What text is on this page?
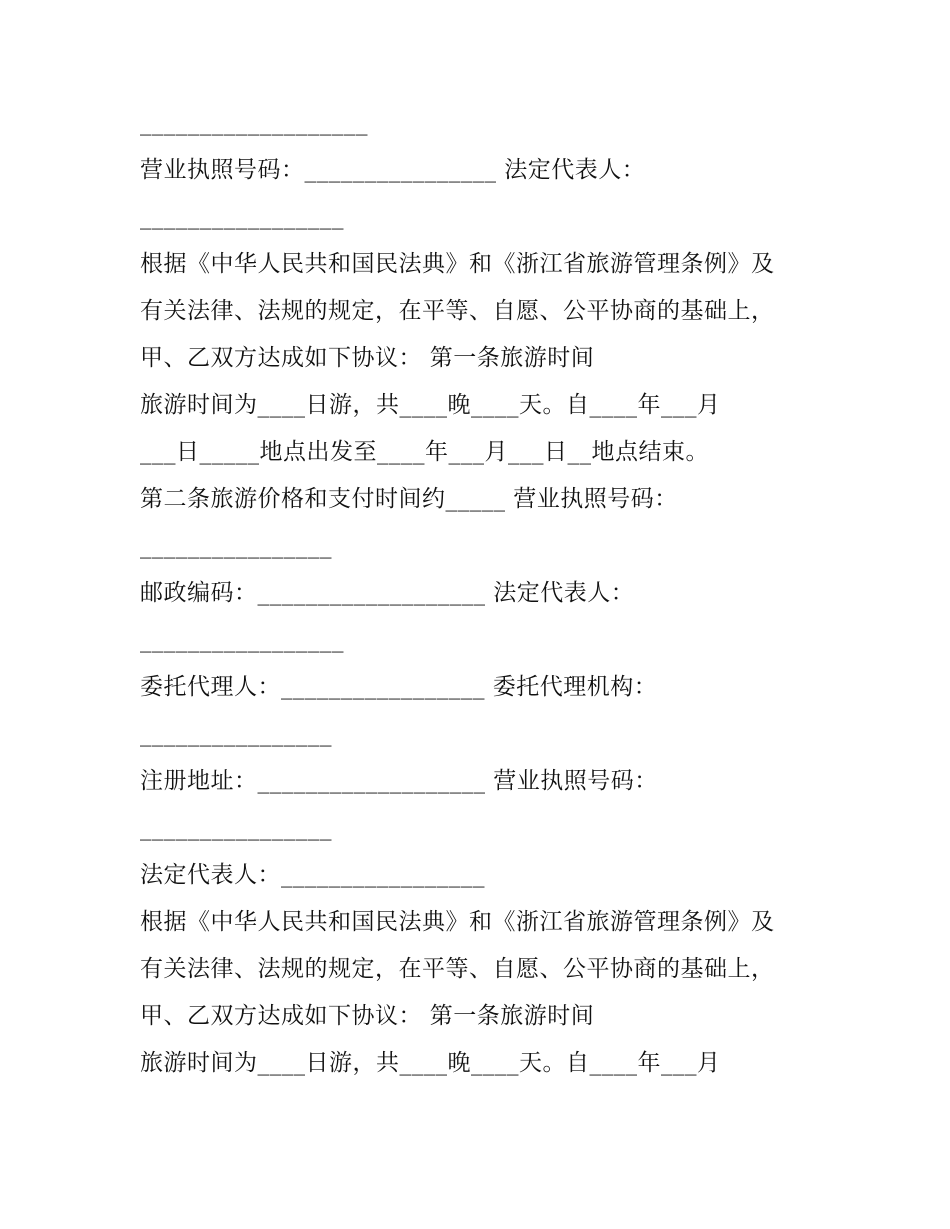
___________________
营业执照号码：________________ 法定代表人：
_________________
根据《中华人民共和国民法典》和《浙江省旅游管理条例》及
有关法律、法规的规定，在平等、自愿、公平协商的基础上，
甲、乙双方达成如下协议： 第一条旅游时间
旅游时间为____日游，共____晚____天。自____年___月
___日_____地点出发至____年___月___日__地点结束。
第二条旅游价格和支付时间约_____ 营业执照号码：
________________
邮政编码：___________________ 法定代表人：
_________________
委托代理人：_________________ 委托代理机构：
________________
注册地址：___________________ 营业执照号码：
________________
法定代表人：_________________
根据《中华人民共和国民法典》和《浙江省旅游管理条例》及
有关法律、法规的规定，在平等、自愿、公平协商的基础上，
甲、乙双方达成如下协议： 第一条旅游时间
旅游时间为____日游，共____晚____天。自____年___月
